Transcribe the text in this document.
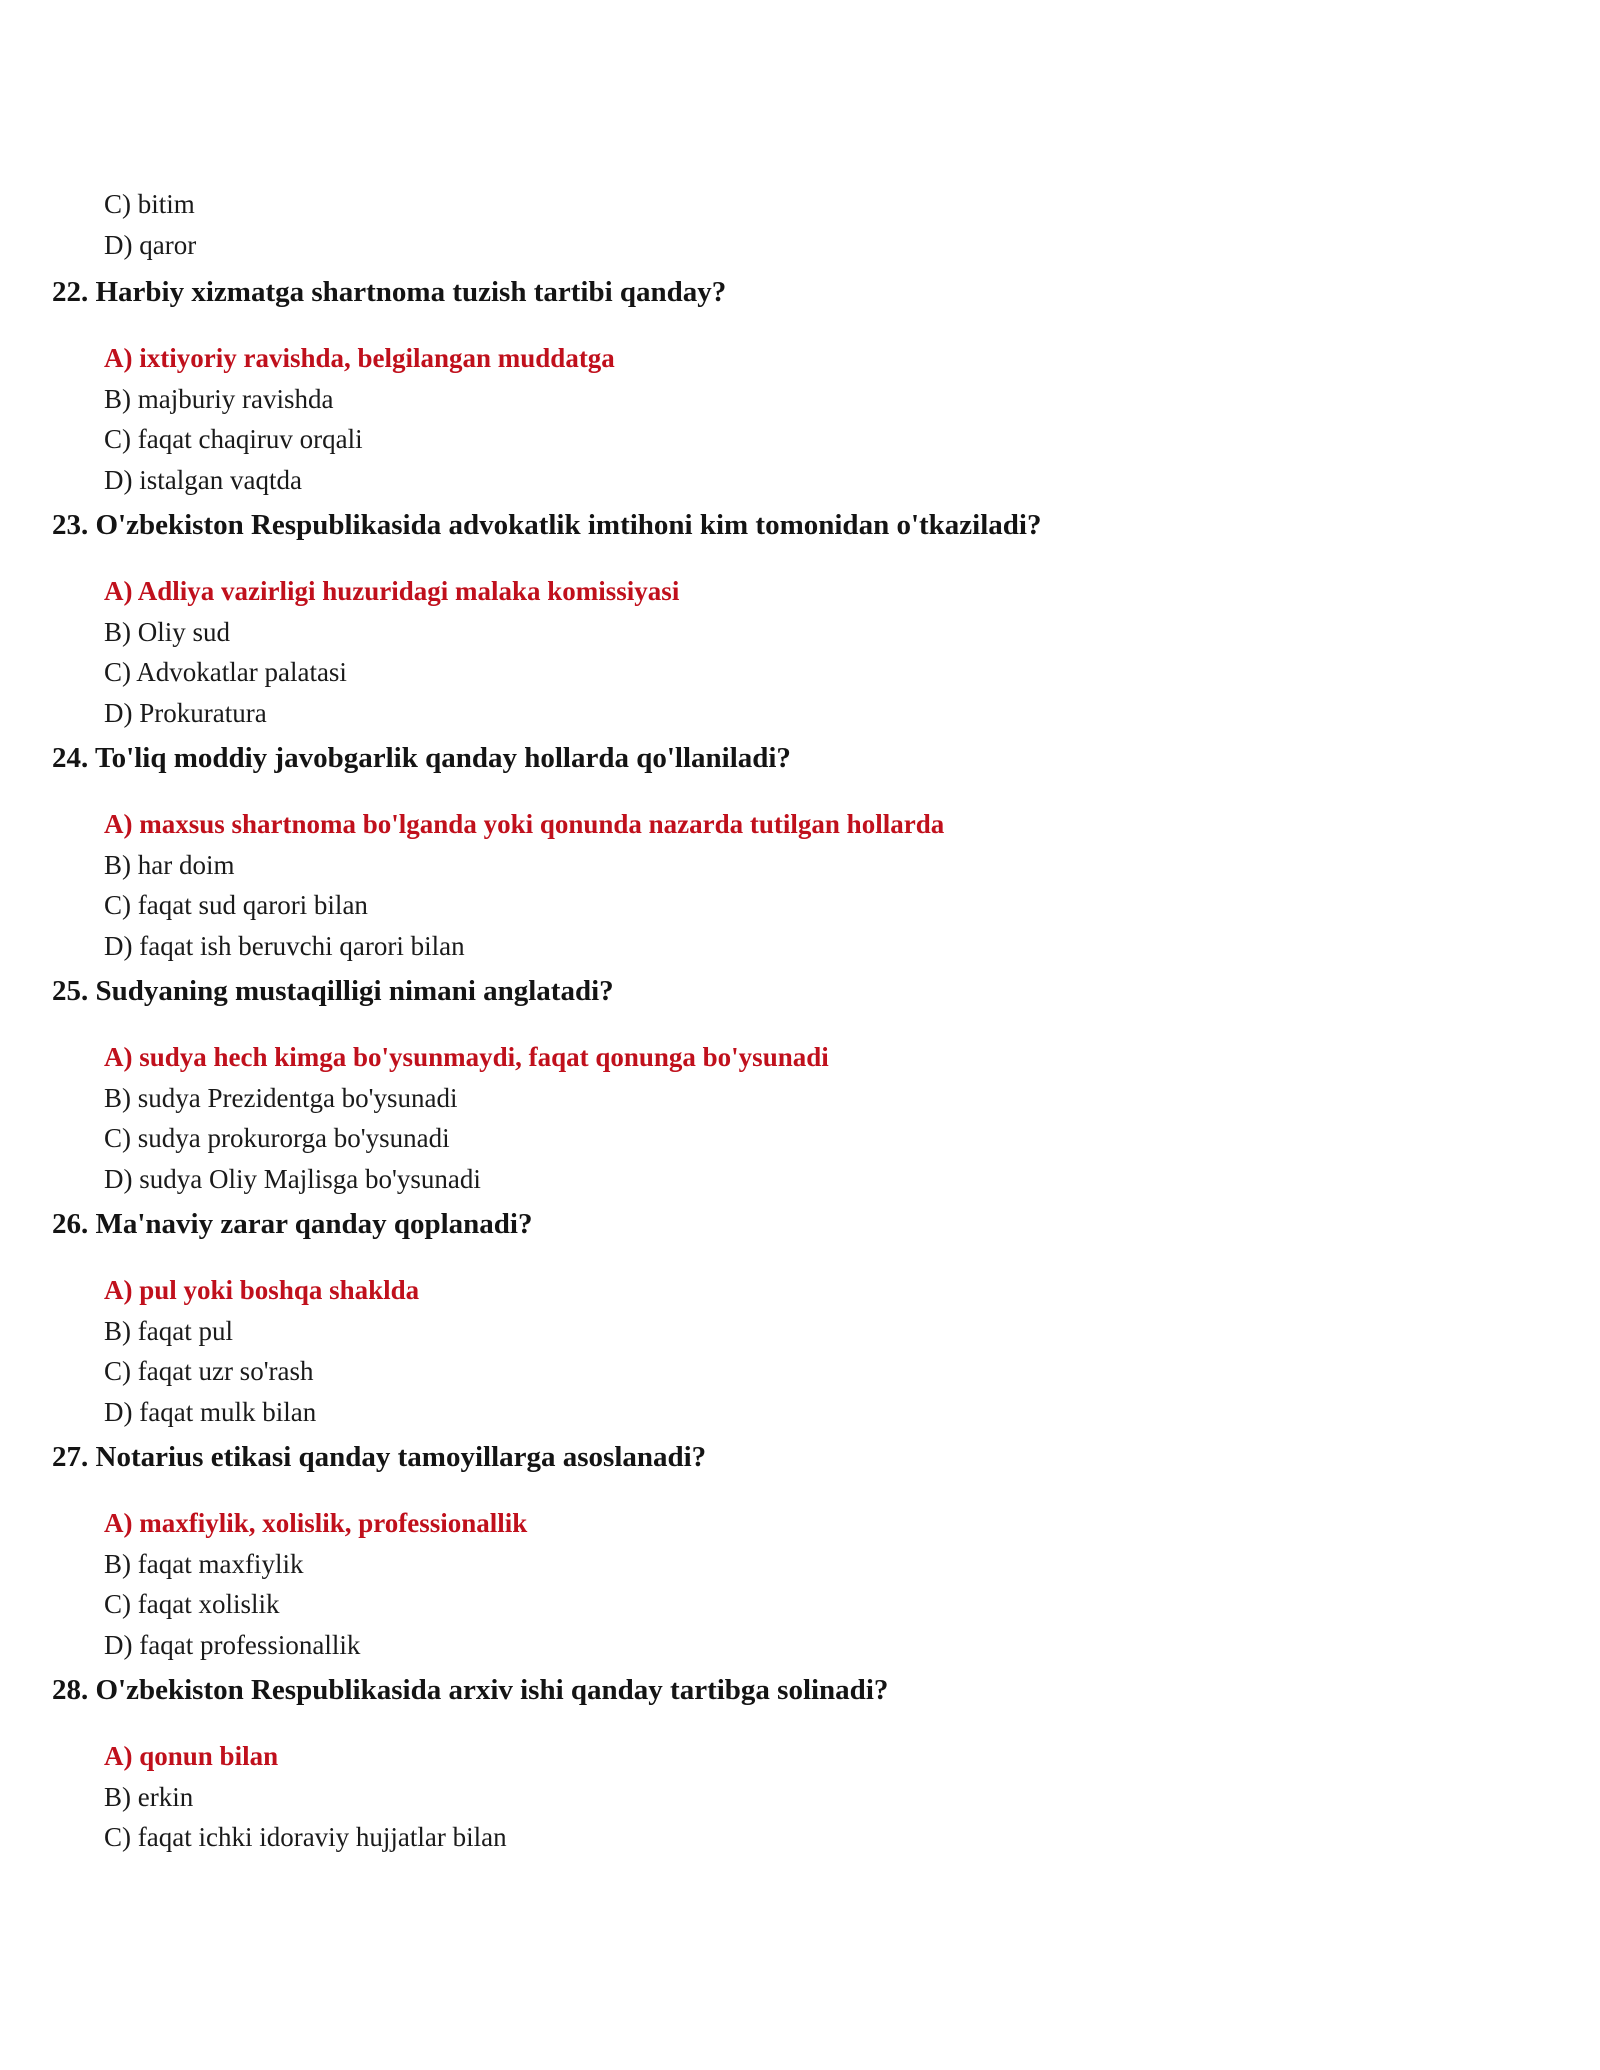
C) bitim
D) qaror
22. Harbiy xizmatga shartnoma tuzish tartibi qanday?
A) ixtiyoriy ravishda, belgilangan muddatga
B) majburiy ravishda
C) faqat chaqiruv orqali
D) istalgan vaqtda
23. O'zbekiston Respublikasida advokatlik imtihoni kim tomonidan o'tkaziladi?
A) Adliya vazirligi huzuridagi malaka komissiyasi
B) Oliy sud
C) Advokatlar palatasi
D) Prokuratura
24. To'liq moddiy javobgarlik qanday hollarda qo'llaniladi?
A) maxsus shartnoma bo'lganda yoki qonunda nazarda tutilgan hollarda
B) har doim
C) faqat sud qarori bilan
D) faqat ish beruvchi qarori bilan
25. Sudyaning mustaqilligi nimani anglatadi?
A) sudya hech kimga bo'ysunmaydi, faqat qonunga bo'ysunadi
B) sudya Prezidentga bo'ysunadi
C) sudya prokurorga bo'ysunadi
D) sudya Oliy Majlisga bo'ysunadi
26. Ma'naviy zarar qanday qoplanadi?
A) pul yoki boshqa shaklda
B) faqat pul
C) faqat uzr so'rash
D) faqat mulk bilan
27. Notarius etikasi qanday tamoyillarga asoslanadi?
A) maxfiylik, xolislik, professionallik
B) faqat maxfiylik
C) faqat xolislik
D) faqat professionallik
28. O'zbekiston Respublikasida arxiv ishi qanday tartibga solinadi?
A) qonun bilan
B) erkin
C) faqat ichki idoraviy hujjatlar bilan
